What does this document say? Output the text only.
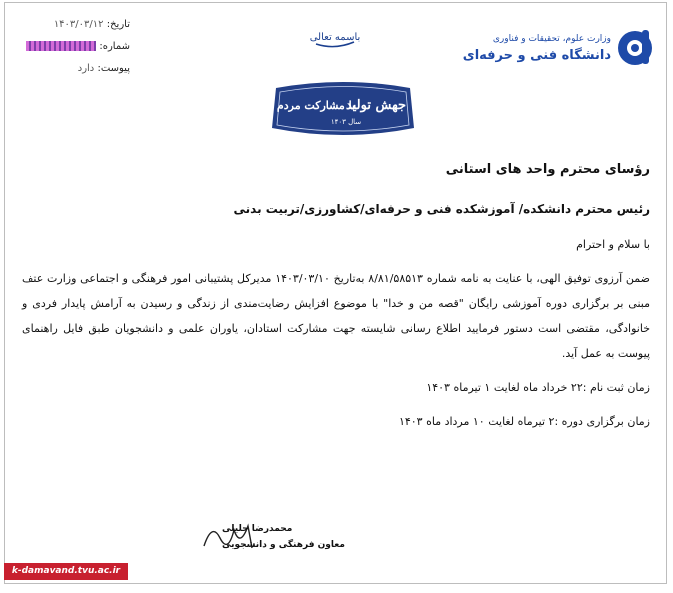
تاریخ: ۱۴۰۳/۰۳/۱۲
شماره:
پیوست: دارد
باسمه تعالی
جهش تولید
با مشارکت مردم
سال ۱۴۰۳
وزارت علوم، تحقیقات و فناوری
دانشگاه فنی و حرفه‌ای
رؤسای محترم واحد های استانی
رئیس محترم دانشکده/ آموزشکده فنی و حرفه‌ای/کشاورزی/تربیت بدنی
با سلام و احترام
ضمن آرزوی توفیق الهی، با عنایت به نامه شماره ۸/۸۱/۵۸۵۱۳ به‌تاریخ ۱۴۰۳/۰۳/۱۰ مدیرکل پشتیبانی امور فرهنگی و اجتماعی وزارت عتف مبنی بر برگزاری دوره آموزشی رایگان "قصه من و خدا" با موضوع افزایش رضایت‌مندی از زندگی و رسیدن به آرامش پایدار فردی و خانوادگی، مقتضی است دستور فرمایید اطلاع رسانی شایسته جهت مشارکت استادان، یاوران علمی و دانشجویان طبق فایل راهنمای پیوست به عمل آید.
زمان ثبت نام :۲۲ خرداد ماه لغایت ۱ تیرماه ۱۴۰۳
زمان برگزاری دوره :۲ تیرماه لغایت ۱۰ مرداد ماه ۱۴۰۳
محمدرضا جلیلی
معاون فرهنگی و دانشجویی
k-damavand.tvu.ac.ir
